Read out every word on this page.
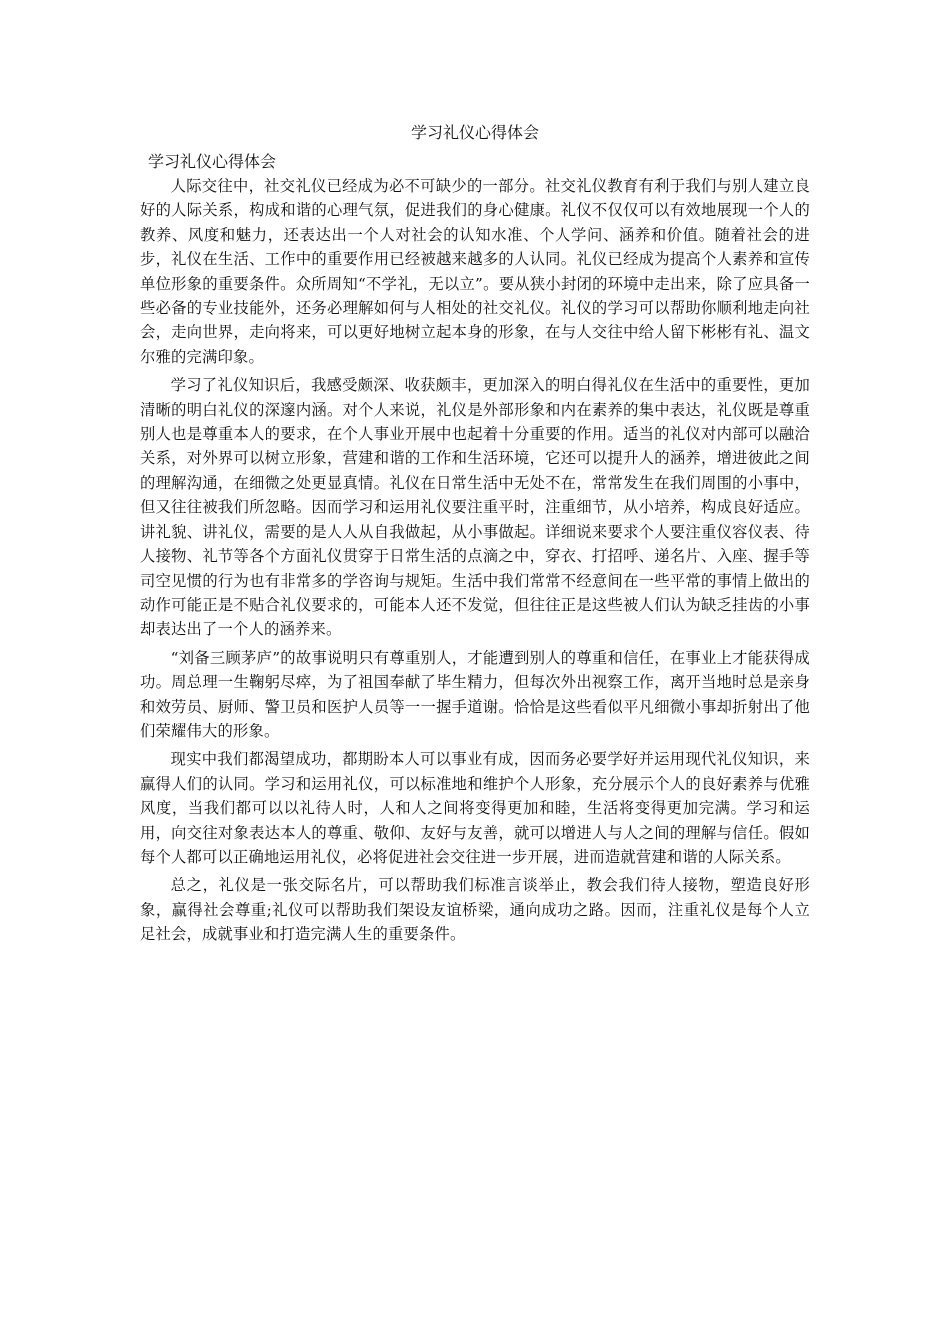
学习礼仪心得体会
学习礼仪心得体会

人际交往中，社交礼仪已经成为必不可缺少的一部分。社交礼仪教育有利于我们与别人建立良好的人际关系，构成和谐的心理气氛，促进我们的身心健康。礼仪不仅仅可以有效地展现一个人的教养、风度和魅力，还表达出一个人对社会的认知水准、个人学问、涵养和价值。随着社会的进步，礼仪在生活、工作中的重要作用已经被越来越多的人认同。礼仪已经成为提高个人素养和宣传单位形象的重要条件。众所周知“不学礼，无以立”。要从狭小封闭的环境中走出来，除了应具备一些必备的专业技能外，还务必理解如何与人相处的社交礼仪。礼仪的学习可以帮助你顺利地走向社会，走向世界，走向将来，可以更好地树立起本身的形象，在与人交往中给人留下彬彬有礼、温文尔雅的完满印象。

学习了礼仪知识后，我感受颇深、收获颇丰，更加深入的明白得礼仪在生活中的重要性，更加清晰的明白礼仪的深邃内涵。对个人来说，礼仪是外部形象和内在素养的集中表达，礼仪既是尊重别人也是尊重本人的要求，在个人事业开展中也起着十分重要的作用。适当的礼仪对内部可以融洽关系，对外界可以树立形象，营建和谐的工作和生活环境，它还可以提升人的涵养，增进彼此之间的理解沟通，在细微之处更显真情。礼仪在日常生活中无处不在，常常发生在我们周围的小事中，但又往往被我们所忽略。因而学习和运用礼仪要注重平时，注重细节，从小培养，构成良好适应。讲礼貌、讲礼仪，需要的是人人从自我做起，从小事做起。详细说来要求个人要注重仪容仪表、待人接物、礼节等各个方面礼仪贯穿于日常生活的点滴之中，穿衣、打招呼、递名片、入座、握手等司空见惯的行为也有非常多的学咨询与规矩。生活中我们常常不经意间在一些平常的事情上做出的动作可能正是不贴合礼仪要求的，可能本人还不发觉，但往往正是这些被人们认为缺乏挂齿的小事却表达出了一个人的涵养来。

“刘备三顾茅庐”的故事说明只有尊重别人，才能遭到别人的尊重和信任，在事业上才能获得成功。周总理一生鞠躬尽瘁，为了祖国奉献了毕生精力，但每次外出视察工作，离开当地时总是亲身和效劳员、厨师、警卫员和医护人员等一一握手道谢。恰恰是这些看似平凡细微小事却折射出了他们荣耀伟大的形象。

现实中我们都渴望成功，都期盼本人可以事业有成，因而务必要学好并运用现代礼仪知识，来赢得人们的认同。学习和运用礼仪，可以标准地和维护个人形象，充分展示个人的良好素养与优雅风度，当我们都可以以礼待人时，人和人之间将变得更加和睦，生活将变得更加完满。学习和运用，向交往对象表达本人的尊重、敬仰、友好与友善，就可以增进人与人之间的理解与信任。假如每个人都可以正确地运用礼仪，必将促进社会交往进一步开展，进而造就营建和谐的人际关系。

总之，礼仪是一张交际名片，可以帮助我们标准言谈举止，教会我们待人接物，塑造良好形象，赢得社会尊重;礼仪可以帮助我们架设友谊桥梁，通向成功之路。因而，注重礼仪是每个人立足社会，成就事业和打造完满人生的重要条件。
